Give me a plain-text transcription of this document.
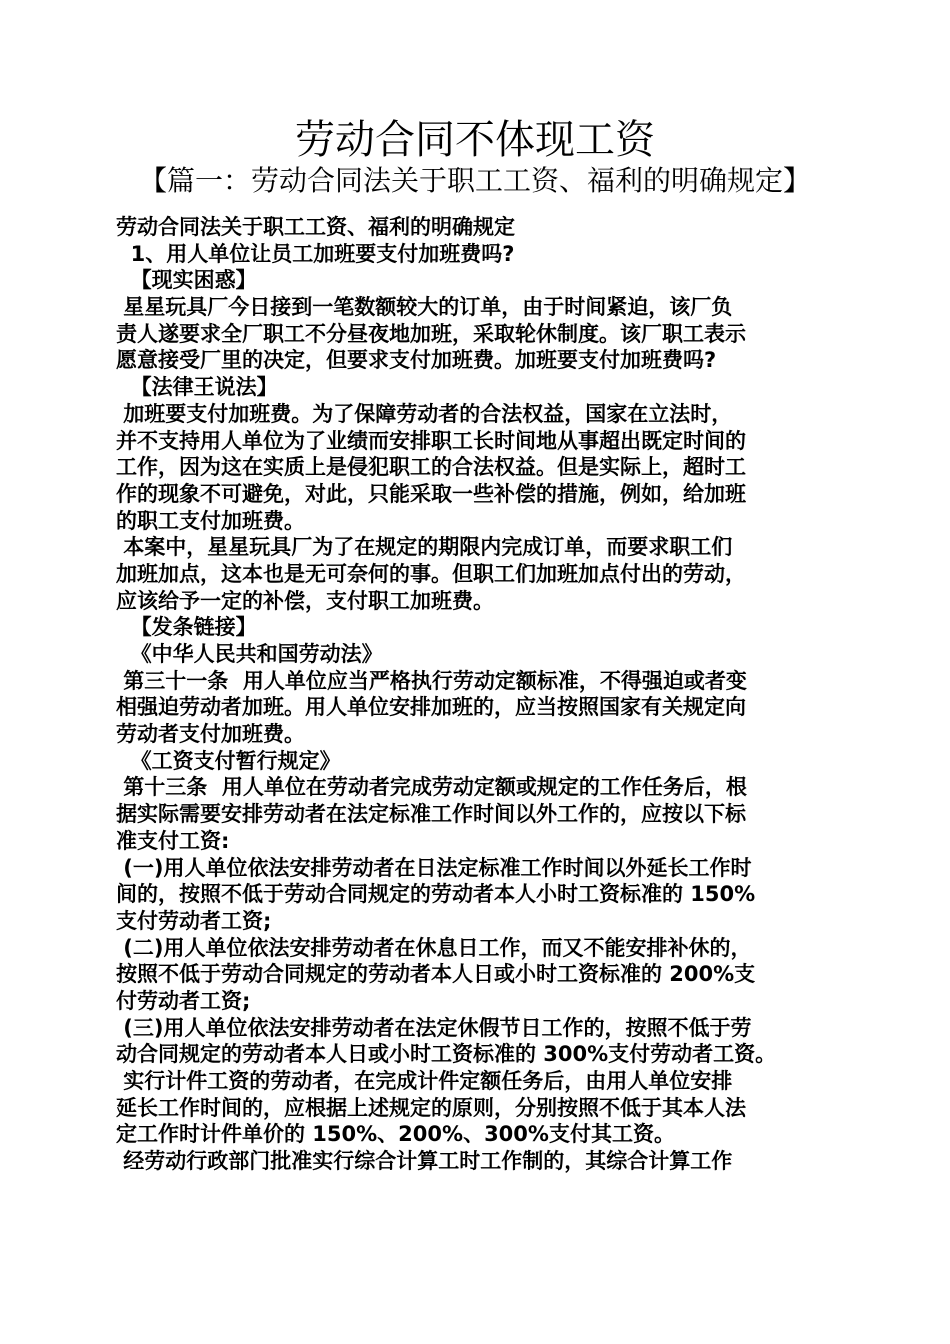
劳动合同不体现工资
【篇一：劳动合同法关于职工工资、福利的明确规定】
劳动合同法关于职工工资、福利的明确规定
1、用人单位让员工加班要支付加班费吗?
【现实困惑】
星星玩具厂今日接到一笔数额较大的订单，由于时间紧迫，该厂负
责人遂要求全厂职工不分昼夜地加班，采取轮休制度。该厂职工表示
愿意接受厂里的决定，但要求支付加班费。加班要支付加班费吗?
【法律王说法】
加班要支付加班费。为了保障劳动者的合法权益，国家在立法时，
并不支持用人单位为了业绩而安排职工长时间地从事超出既定时间的
工作，因为这在实质上是侵犯职工的合法权益。但是实际上，超时工
作的现象不可避免，对此，只能采取一些补偿的措施，例如，给加班
的职工支付加班费。
本案中，星星玩具厂为了在规定的期限内完成订单，而要求职工们
加班加点，这本也是无可奈何的事。但职工们加班加点付出的劳动，
应该给予一定的补偿，支付职工加班费。
【发条链接】
《中华人民共和国劳动法》
第三十一条  用人单位应当严格执行劳动定额标准，不得强迫或者变
相强迫劳动者加班。用人单位安排加班的，应当按照国家有关规定向
劳动者支付加班费。
《工资支付暂行规定》
第十三条  用人单位在劳动者完成劳动定额或规定的工作任务后，根
据实际需要安排劳动者在法定标准工作时间以外工作的，应按以下标
准支付工资:
(一)用人单位依法安排劳动者在日法定标准工作时间以外延长工作时
间的，按照不低于劳动合同规定的劳动者本人小时工资标准的 150%
支付劳动者工资;
(二)用人单位依法安排劳动者在休息日工作，而又不能安排补休的，
按照不低于劳动合同规定的劳动者本人日或小时工资标准的 200%支
付劳动者工资;
(三)用人单位依法安排劳动者在法定休假节日工作的，按照不低于劳
动合同规定的劳动者本人日或小时工资标准的 300%支付劳动者工资。
实行计件工资的劳动者，在完成计件定额任务后，由用人单位安排
延长工作时间的，应根据上述规定的原则，分别按照不低于其本人法
定工作时计件单价的 150%、200%、300%支付其工资。
经劳动行政部门批准实行综合计算工时工作制的，其综合计算工作
